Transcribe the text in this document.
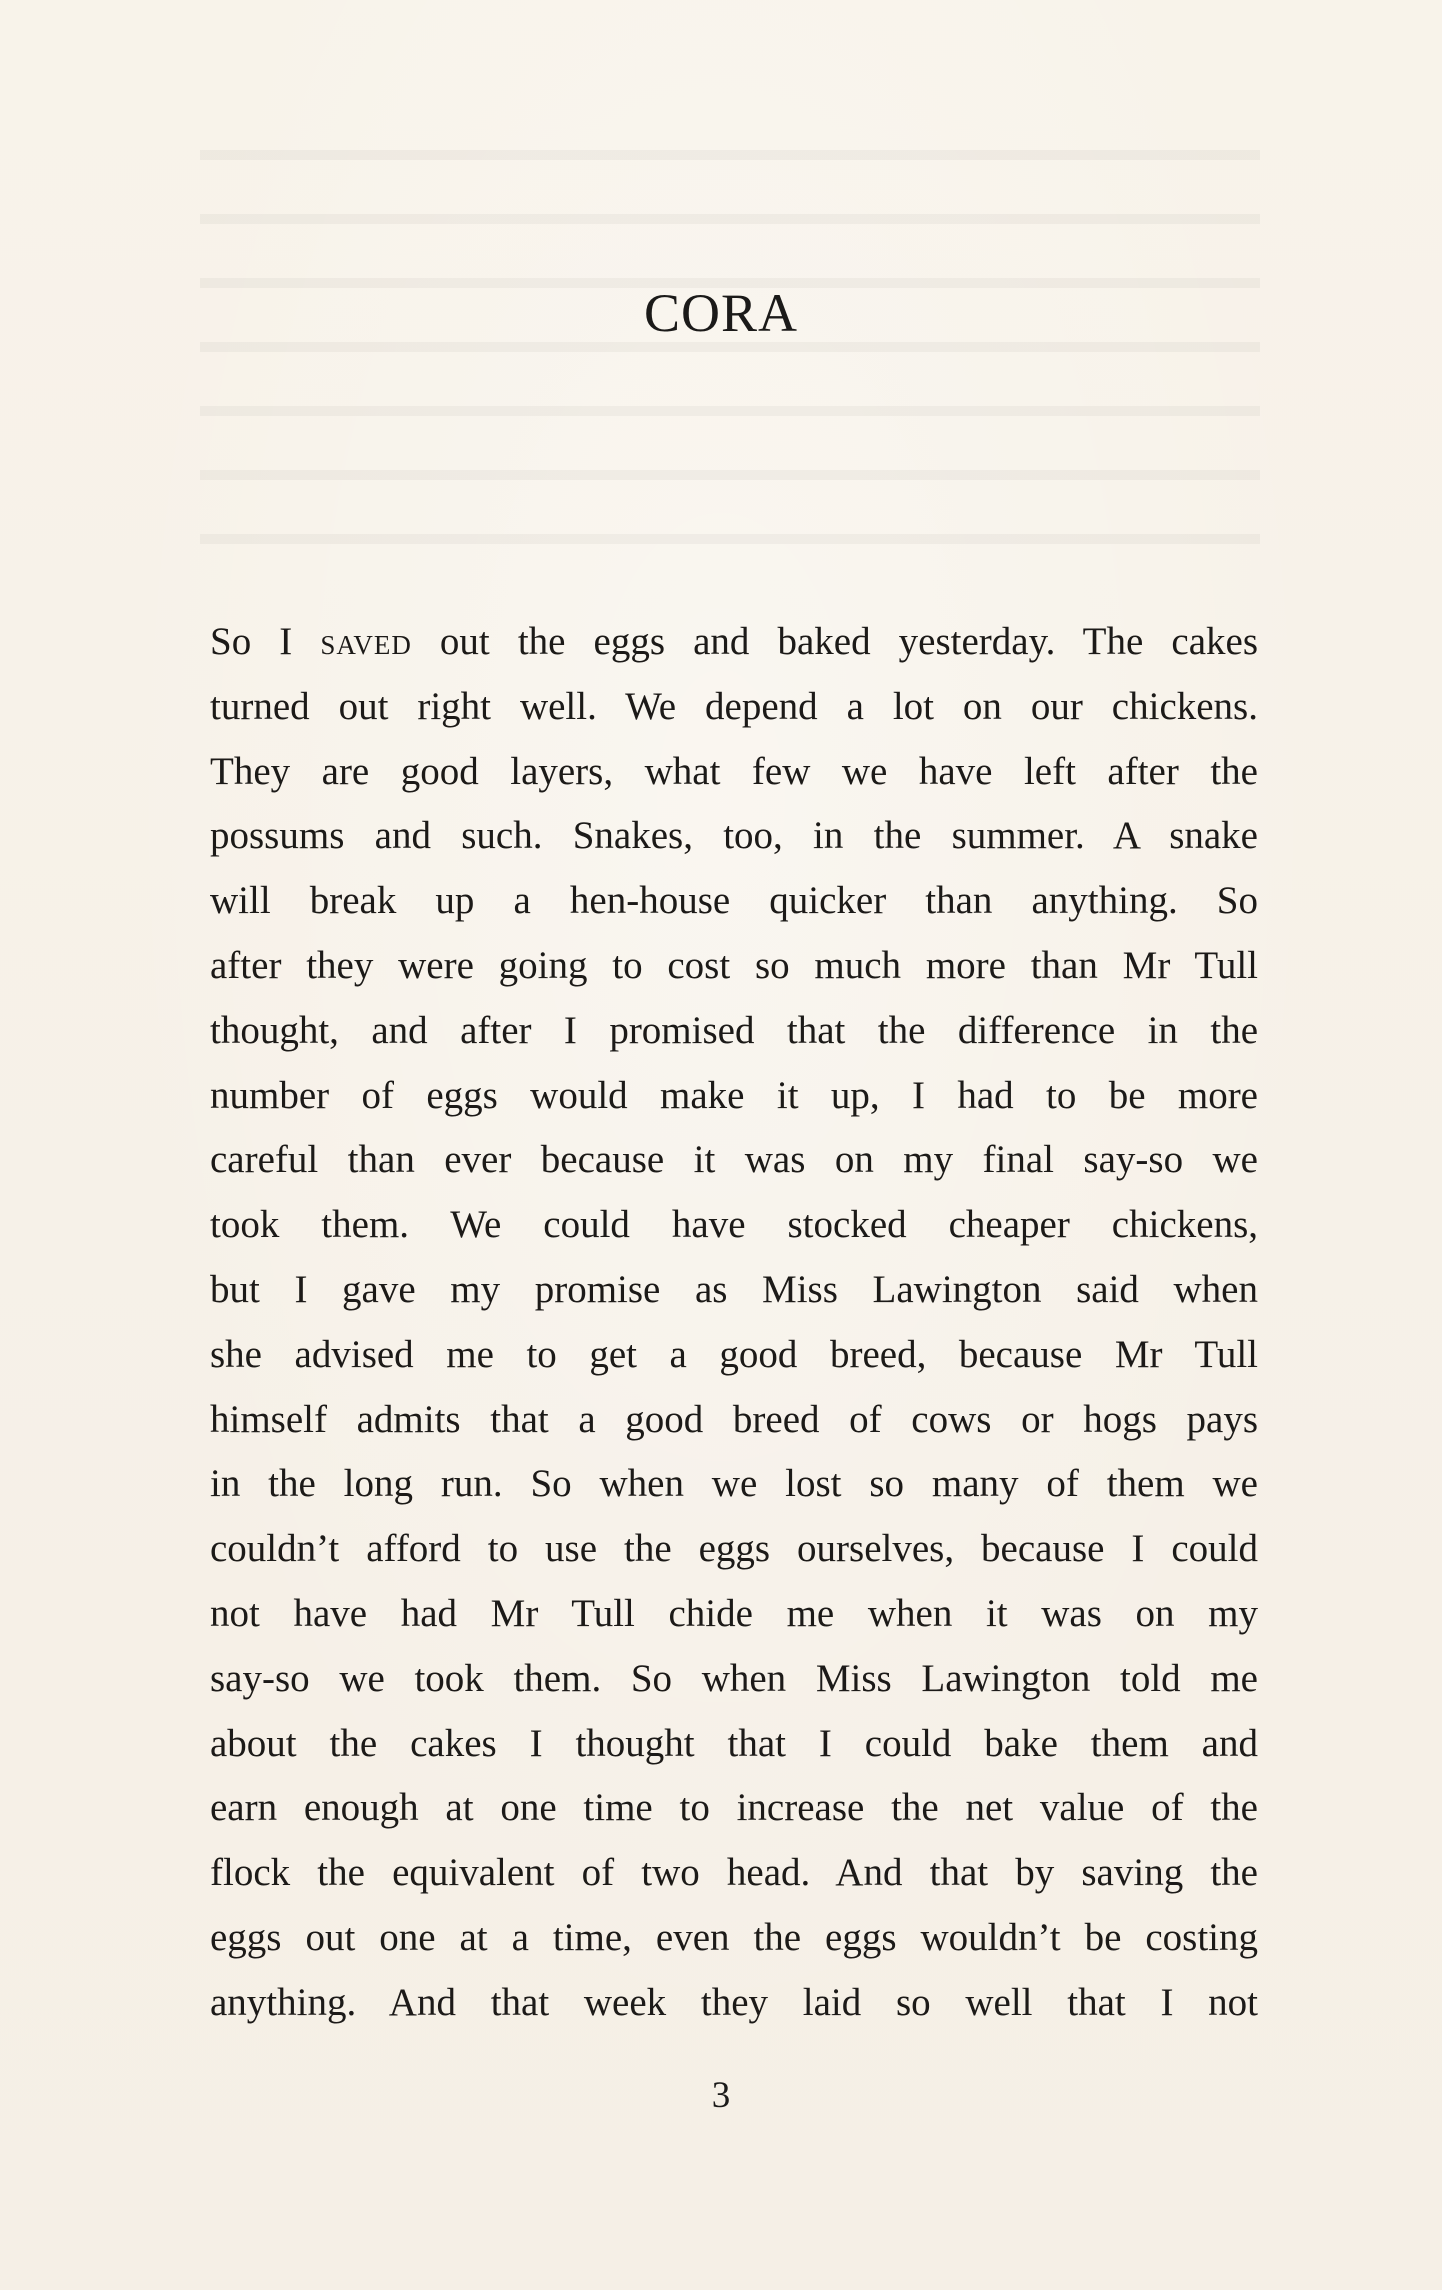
CORA
So I saved out the eggs and baked yesterday. The cakes
turned out right well. We depend a lot on our chickens.
They are good layers, what few we have left after the
possums and such. Snakes, too, in the summer. A snake
will break up a hen-house quicker than anything. So
after they were going to cost so much more than Mr Tull
thought, and after I promised that the difference in the
number of eggs would make it up, I had to be more
careful than ever because it was on my final say-so we
took them. We could have stocked cheaper chickens,
but I gave my promise as Miss Lawington said when
she advised me to get a good breed, because Mr Tull
himself admits that a good breed of cows or hogs pays
in the long run. So when we lost so many of them we
couldn’t afford to use the eggs ourselves, because I could
not have had Mr Tull chide me when it was on my
say-so we took them. So when Miss Lawington told me
about the cakes I thought that I could bake them and
earn enough at one time to increase the net value of the
flock the equivalent of two head. And that by saving the
eggs out one at a time, even the eggs wouldn’t be costing
anything. And that week they laid so well that I not
3
